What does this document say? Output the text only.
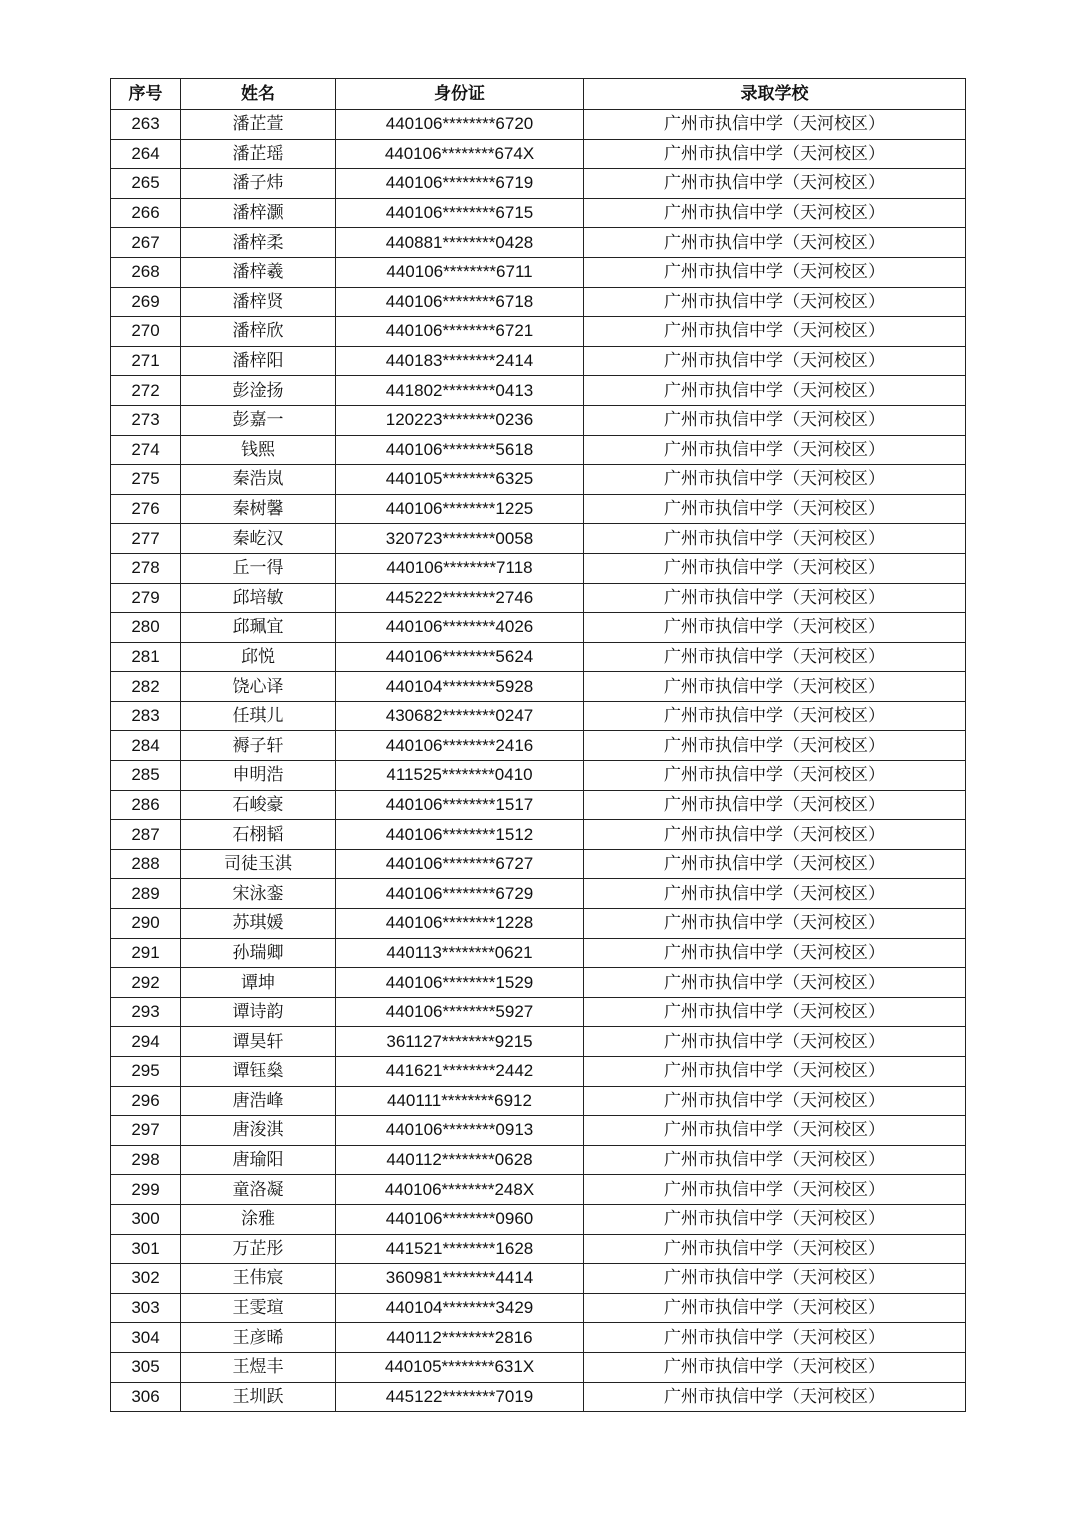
序号	姓名	身份证	录取学校
263	潘芷萱	440106********6720	广州市执信中学（天河校区）
264	潘芷瑶	440106********674X	广州市执信中学（天河校区）
265	潘子炜	440106********6719	广州市执信中学（天河校区）
266	潘梓灏	440106********6715	广州市执信中学（天河校区）
267	潘梓柔	440881********0428	广州市执信中学（天河校区）
268	潘梓羲	440106********6711	广州市执信中学（天河校区）
269	潘梓贤	440106********6718	广州市执信中学（天河校区）
270	潘梓欣	440106********6721	广州市执信中学（天河校区）
271	潘梓阳	440183********2414	广州市执信中学（天河校区）
272	彭淦扬	441802********0413	广州市执信中学（天河校区）
273	彭嘉一	120223********0236	广州市执信中学（天河校区）
274	钱熙	440106********5618	广州市执信中学（天河校区）
275	秦浩岚	440105********6325	广州市执信中学（天河校区）
276	秦树馨	440106********1225	广州市执信中学（天河校区）
277	秦屹汉	320723********0058	广州市执信中学（天河校区）
278	丘一得	440106********7118	广州市执信中学（天河校区）
279	邱培敏	445222********2746	广州市执信中学（天河校区）
280	邱珮宜	440106********4026	广州市执信中学（天河校区）
281	邱悦	440106********5624	广州市执信中学（天河校区）
282	饶心译	440104********5928	广州市执信中学（天河校区）
283	任琪儿	430682********0247	广州市执信中学（天河校区）
284	褥子轩	440106********2416	广州市执信中学（天河校区）
285	申明浩	411525********0410	广州市执信中学（天河校区）
286	石峻豪	440106********1517	广州市执信中学（天河校区）
287	石栩韬	440106********1512	广州市执信中学（天河校区）
288	司徒玉淇	440106********6727	广州市执信中学（天河校区）
289	宋泳銮	440106********6729	广州市执信中学（天河校区）
290	苏琪媛	440106********1228	广州市执信中学（天河校区）
291	孙瑞卿	440113********0621	广州市执信中学（天河校区）
292	谭坤	440106********1529	广州市执信中学（天河校区）
293	谭诗韵	440106********5927	广州市执信中学（天河校区）
294	谭昊轩	361127********9215	广州市执信中学（天河校区）
295	谭钰燊	441621********2442	广州市执信中学（天河校区）
296	唐浩峰	440111********6912	广州市执信中学（天河校区）
297	唐浚淇	440106********0913	广州市执信中学（天河校区）
298	唐瑜阳	440112********0628	广州市执信中学（天河校区）
299	童洛凝	440106********248X	广州市执信中学（天河校区）
300	涂雅	440106********0960	广州市执信中学（天河校区）
301	万芷彤	441521********1628	广州市执信中学（天河校区）
302	王伟宸	360981********4414	广州市执信中学（天河校区）
303	王雯瑄	440104********3429	广州市执信中学（天河校区）
304	王彦晞	440112********2816	广州市执信中学（天河校区）
305	王煜丰	440105********631X	广州市执信中学（天河校区）
306	王圳跃	445122********7019	广州市执信中学（天河校区）
